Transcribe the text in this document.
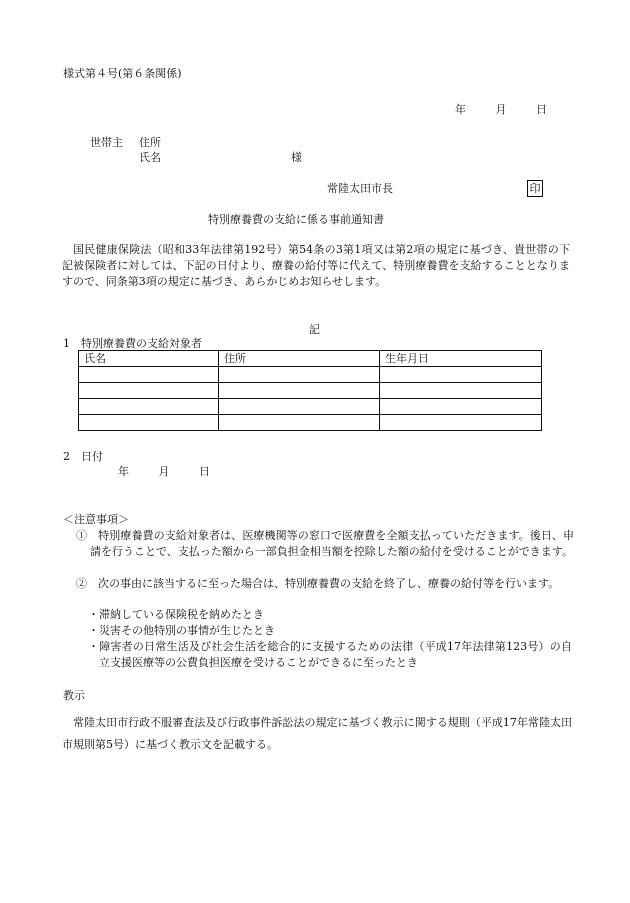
様式第４号(第６条関係)
年	月	日
世帯主 住所
氏名	様
常陸太田市長	印
特別療養費の支給に係る事前通知書
国民健康保険法（昭和33年法律第192号）第54条の3第1項又は第2項の規定に基づき、貴世帯の下記被保険者に対しては、下記の日付より、療養の給付等に代えて、特別療養費を支給することとなりますので、同条第3項の規定に基づき、あらかじめお知らせします。
記
1　特別療養費の支給対象者
氏名	住所	生年月日

2　日付
年	月	日
＜注意事項＞
①　特別療養費の支給対象者は、医療機関等の窓口で医療費を全額支払っていただきます。後日、申請を行うことで、支払った額から一部負担金相当額を控除した額の給付を受けることができます。
②　次の事由に該当するに至った場合は、特別療養費の支給を終了し、療養の給付等を行います。

・滞納している保険税を納めたとき

・災害その他特別の事情が生じたとき

・障害者の日常生活及び社会生活を総合的に支援するための法律（平成17年法律第123号）の自立支援医療等の公費負担医療を受けることができるに至ったとき

教示
常陸太田市行政不服審査法及び行政事件訴訟法の規定に基づく教示に関する規則（平成17年常陸太田市規則第5号）に基づく教示文を記載する。
